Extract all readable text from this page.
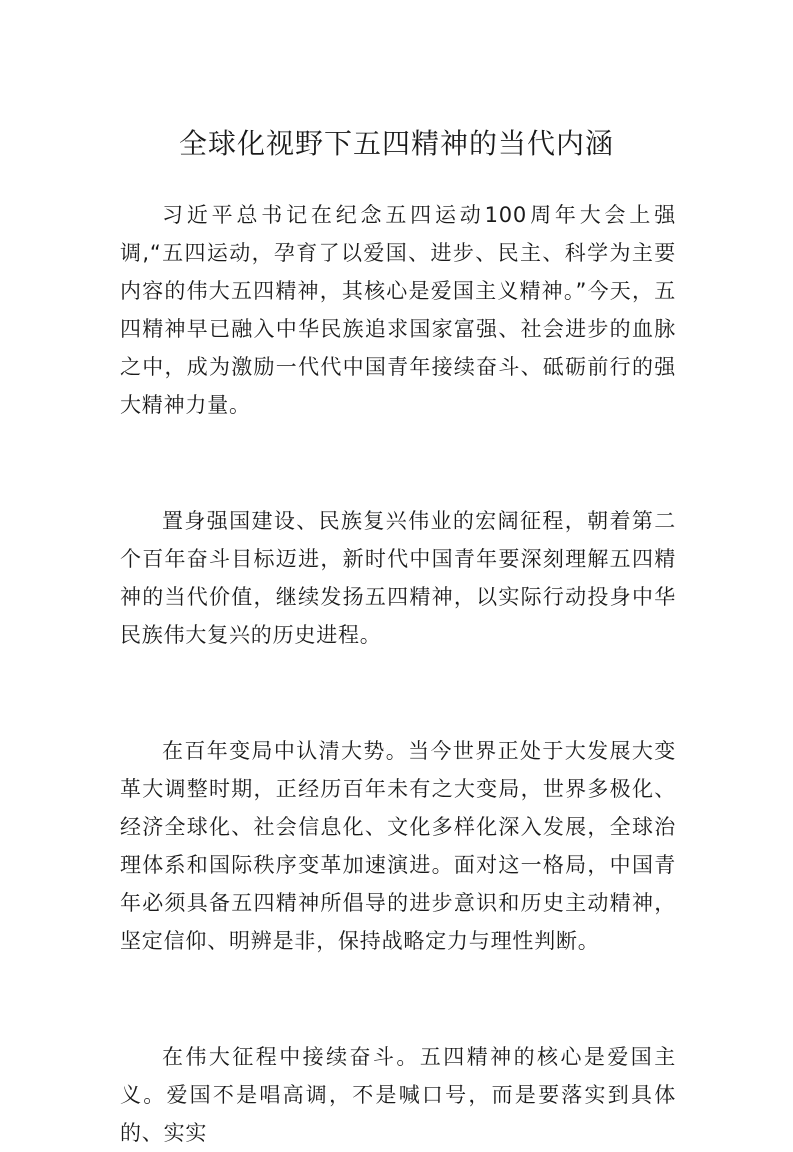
全球化视野下五四精神的当代内涵

习近平总书记在纪念五四运动100周年大会上强调,“五四运动，孕育了以爱国、进步、民主、科学为主要内容的伟大五四精神，其核心是爱国主义精神。”今天，五四精神早已融入中华民族追求国家富强、社会进步的血脉之中，成为激励一代代中国青年接续奋斗、砥砺前行的强大精神力量。

置身强国建设、民族复兴伟业的宏阔征程，朝着第二个百年奋斗目标迈进，新时代中国青年要深刻理解五四精神的当代价值，继续发扬五四精神，以实际行动投身中华民族伟大复兴的历史进程。

在百年变局中认清大势。当今世界正处于大发展大变革大调整时期，正经历百年未有之大变局，世界多极化、经济全球化、社会信息化、文化多样化深入发展，全球治理体系和国际秩序变革加速演进。面对这一格局，中国青年必须具备五四精神所倡导的进步意识和历史主动精神，坚定信仰、明辨是非，保持战略定力与理性判断。

在伟大征程中接续奋斗。五四精神的核心是爱国主义。爱国不是唱高调，不是喊口号，而是要落实到具体的、实实
